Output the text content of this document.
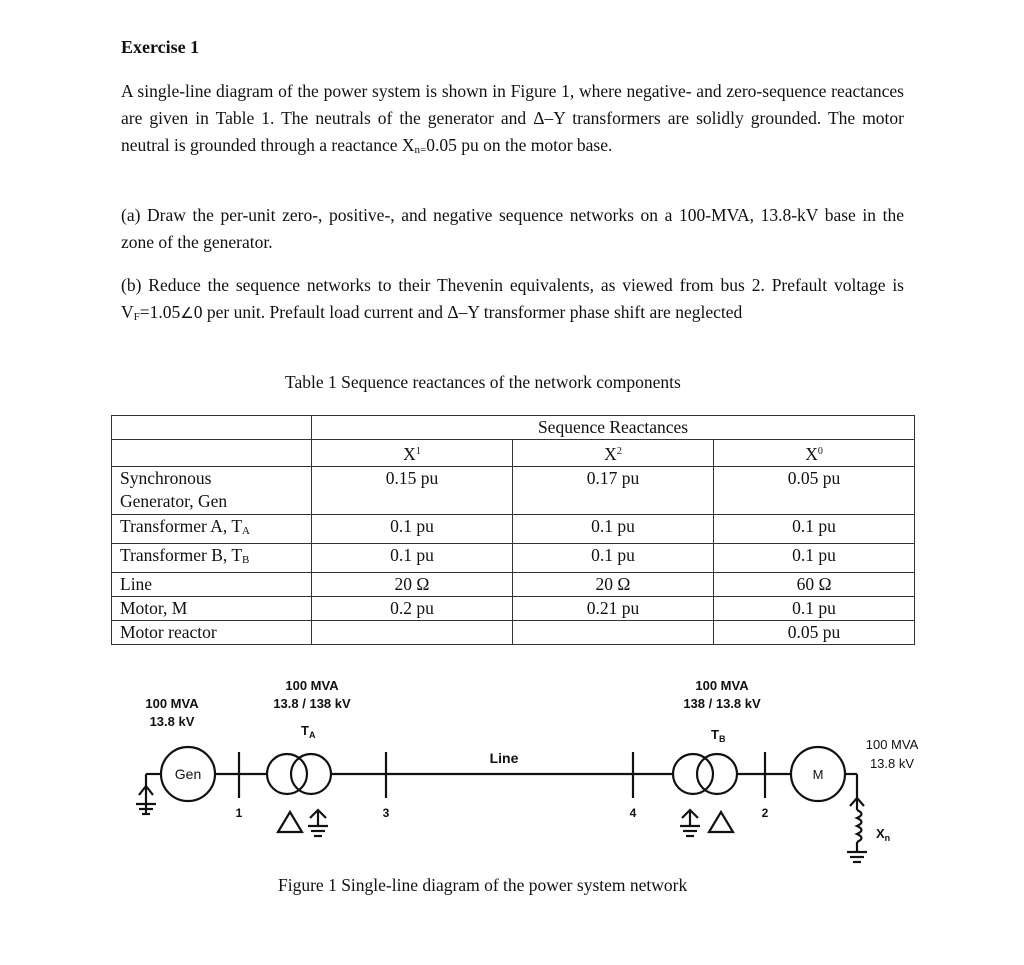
Exercise 1
A single-line diagram of the power system is shown in Figure 1, where negative- and zero-sequence reactances are given in Table 1. The neutrals of the generator and Δ–Y transformers are solidly grounded. The motor neutral is grounded through a reactance Xn=0.05 pu on the motor base.
(a) Draw the per-unit zero-, positive-, and negative sequence networks on a 100-MVA, 13.8-kV base in the zone of the generator.
(b) Reduce the sequence networks to their Thevenin equivalents, as viewed from bus 2. Prefault voltage is VF=1.05∠0 per unit. Prefault load current and Δ–Y transformer phase shift are neglected
Table 1 Sequence reactances of the network components
	Sequence Reactances		
	$X^1$	$X^2$	$X^0$
Synchronous
Generator, Gen	0.15 pu	0.17 pu	0.05 pu
Transformer A, TA	0.1 pu	0.1 pu	0.1 pu
Transformer B, TB	0.1 pu	0.1 pu	0.1 pu
Line	20 Ω	20 Ω	60 Ω
Motor, M	0.2 pu	0.21 pu	0.1 pu
Motor reactor			0.05 pu
100 MVA
13.8 kV
Gen
100 MVA
13.8 / 138 kV
$T_A$
100 MVA
138 / 13.8 kV
$T_B$
Line
M
100 MVA
13.8 kV
1	3	4	2
$X_n$
Figure 1 Single-line diagram of the power system network
